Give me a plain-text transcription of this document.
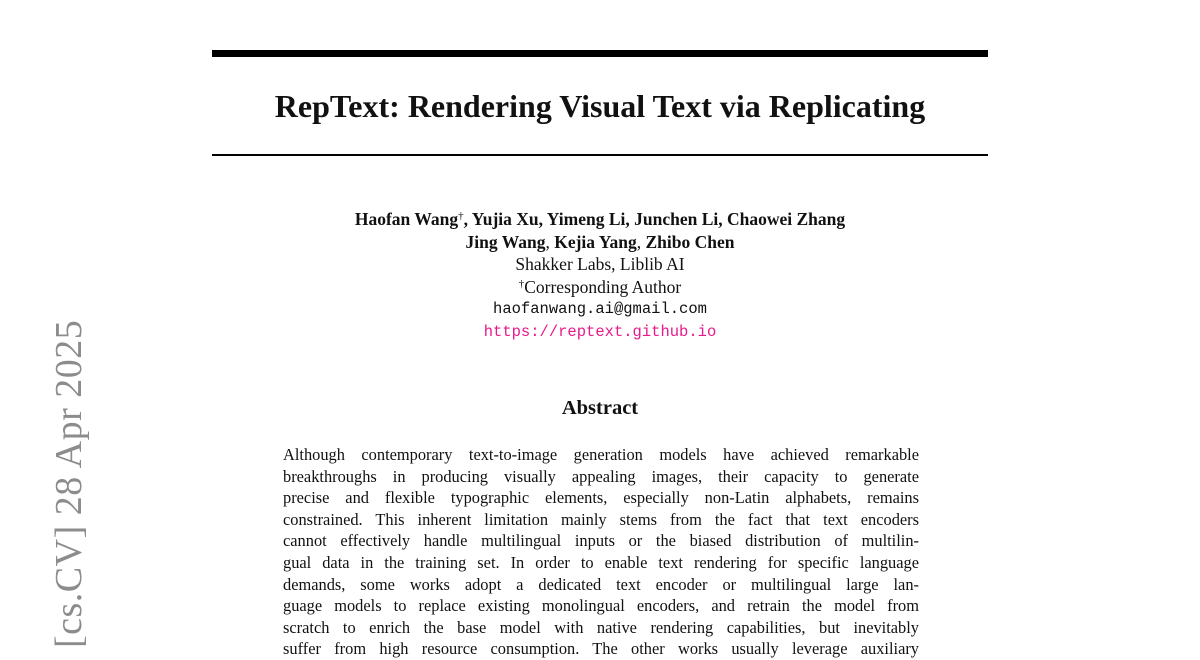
[cs.CV] 28 Apr 2025
RepText: Rendering Visual Text via Replicating
Haofan Wang†, Yujia Xu, Yimeng Li, Junchen Li, Chaowei Zhang
Jing Wang, Kejia Yang, Zhibo Chen
Shakker Labs, Liblib AI
†Corresponding Author
haofanwang.ai@gmail.com
https://reptext.github.io
Abstract
Although contemporary text-to-image generation models have achieved remarkable
breakthroughs in producing visually appealing images, their capacity to generate
precise and flexible typographic elements, especially non-Latin alphabets, remains
constrained. This inherent limitation mainly stems from the fact that text encoders
cannot effectively handle multilingual inputs or the biased distribution of multilin-
gual data in the training set. In order to enable text rendering for specific language
demands, some works adopt a dedicated text encoder or multilingual large lan-
guage models to replace existing monolingual encoders, and retrain the model from
scratch to enrich the base model with native rendering capabilities, but inevitably
suffer from high resource consumption. The other works usually leverage auxiliary
